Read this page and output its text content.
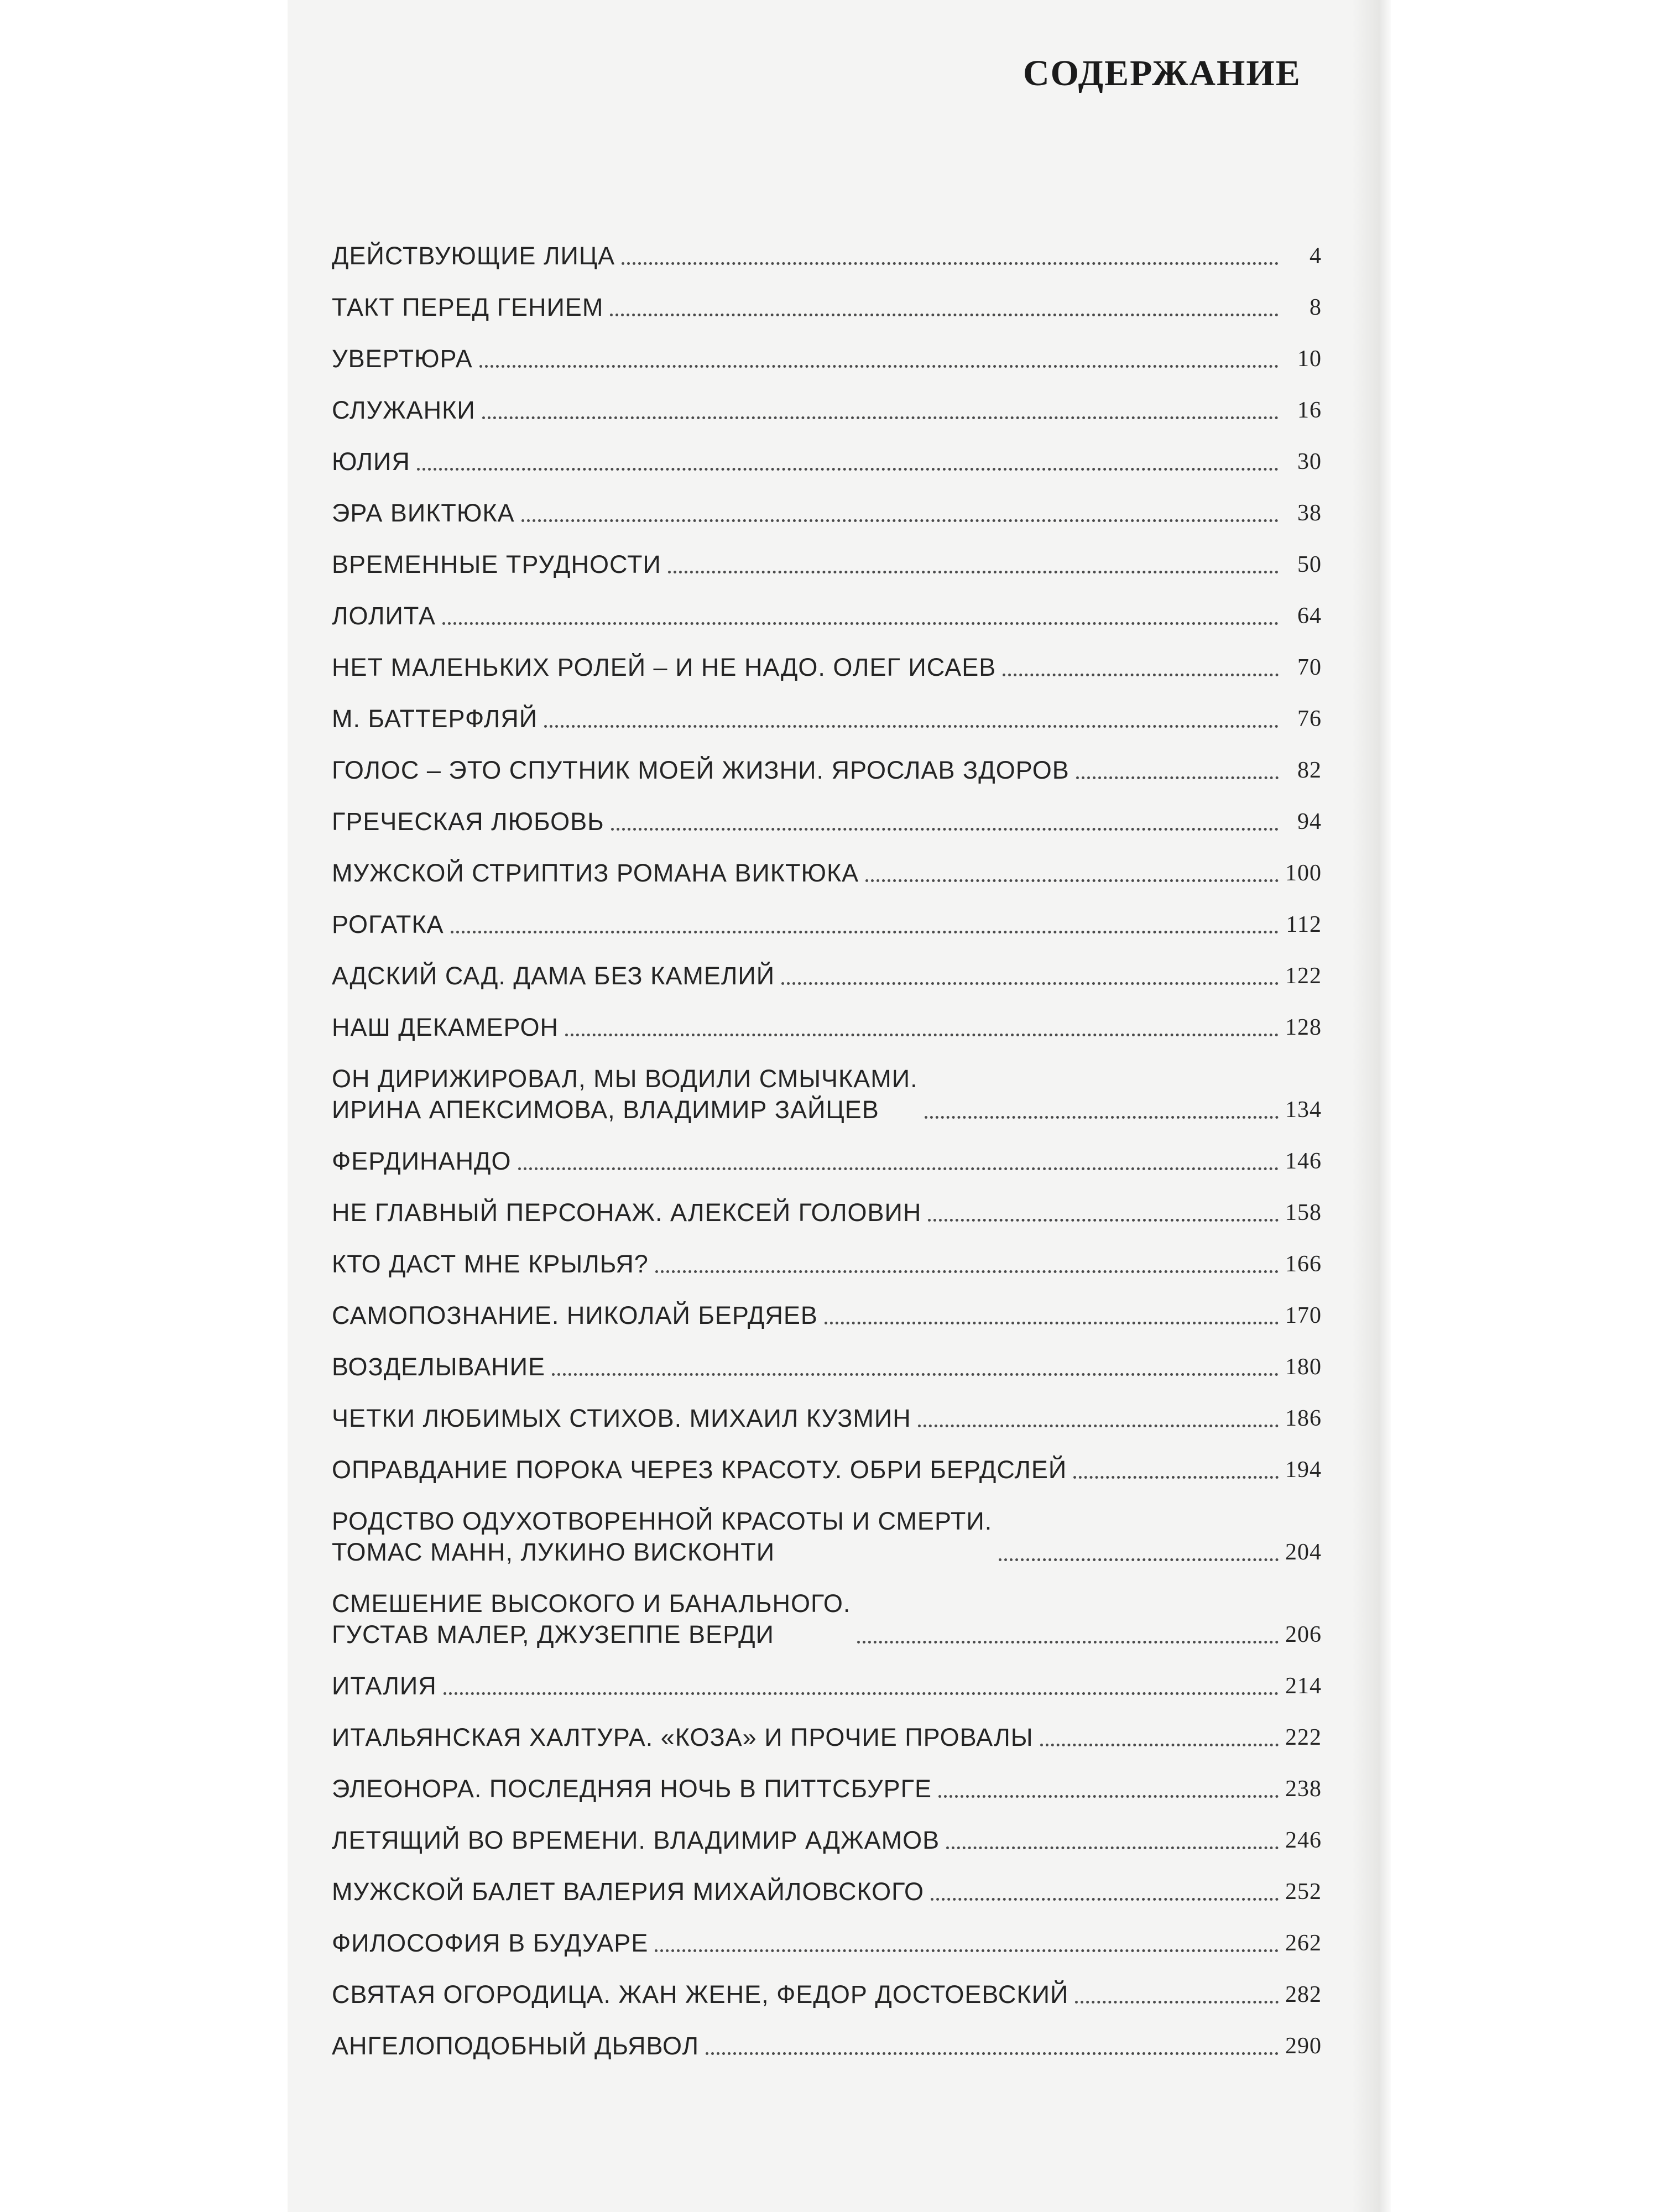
СОДЕРЖАНИЕ
ДЕЙСТВУЮЩИЕ ЛИЦА	4
ТАКТ ПЕРЕД ГЕНИЕМ	8
УВЕРТЮРА	10
СЛУЖАНКИ	16
ЮЛИЯ	30
ЭРА ВИКТЮКА	38
ВРЕМЕННЫЕ ТРУДНОСТИ	50
ЛОЛИТА	64
НЕТ МАЛЕНЬКИХ РОЛЕЙ – И НЕ НАДО. ОЛЕГ ИСАЕВ	70
М. БАТТЕРФЛЯЙ	76
ГОЛОС – ЭТО СПУТНИК МОЕЙ ЖИЗНИ. ЯРОСЛАВ ЗДОРОВ	82
ГРЕЧЕСКАЯ ЛЮБОВЬ	94
МУЖСКОЙ СТРИПТИЗ РОМАНА ВИКТЮКА	100
РОГАТКА	112
АДСКИЙ САД. ДАМА БЕЗ КАМЕЛИЙ	122
НАШ ДЕКАМЕРОН	128
ОН ДИРИЖИРОВАЛ, МЫ ВОДИЛИ СМЫЧКАМИ.
ИРИНА АПЕКСИМОВА, ВЛАДИМИР ЗАЙЦЕВ	134
ФЕРДИНАНДО	146
НЕ ГЛАВНЫЙ ПЕРСОНАЖ. АЛЕКСЕЙ ГОЛОВИН	158
КТО ДАСТ МНЕ КРЫЛЬЯ?	166
САМОПОЗНАНИЕ. НИКОЛАЙ БЕРДЯЕВ	170
ВОЗДЕЛЫВАНИЕ	180
ЧЕТКИ ЛЮБИМЫХ СТИХОВ. МИХАИЛ КУЗМИН	186
ОПРАВДАНИЕ ПОРОКА ЧЕРЕЗ КРАСОТУ. ОБРИ БЕРДСЛЕЙ	194
РОДСТВО ОДУХОТВОРЕННОЙ КРАСОТЫ И СМЕРТИ.
ТОМАС МАНН, ЛУКИНО ВИСКОНТИ	204
СМЕШЕНИЕ ВЫСОКОГО И БАНАЛЬНОГО.
ГУСТАВ МАЛЕР, ДЖУЗЕППЕ ВЕРДИ	206
ИТАЛИЯ	214
ИТАЛЬЯНСКАЯ ХАЛТУРА. «КОЗА» И ПРОЧИЕ ПРОВАЛЫ	222
ЭЛЕОНОРА. ПОСЛЕДНЯЯ НОЧЬ В ПИТТСБУРГЕ	238
ЛЕТЯЩИЙ ВО ВРЕМЕНИ. ВЛАДИМИР АДЖАМОВ	246
МУЖСКОЙ БАЛЕТ ВАЛЕРИЯ МИХАЙЛОВСКОГО	252
ФИЛОСОФИЯ В БУДУАРЕ	262
СВЯТАЯ ОГОРОДИЦА. ЖАН ЖЕНЕ, ФЕДОР ДОСТОЕВСКИЙ	282
АНГЕЛОПОДОБНЫЙ ДЬЯВОЛ	290
